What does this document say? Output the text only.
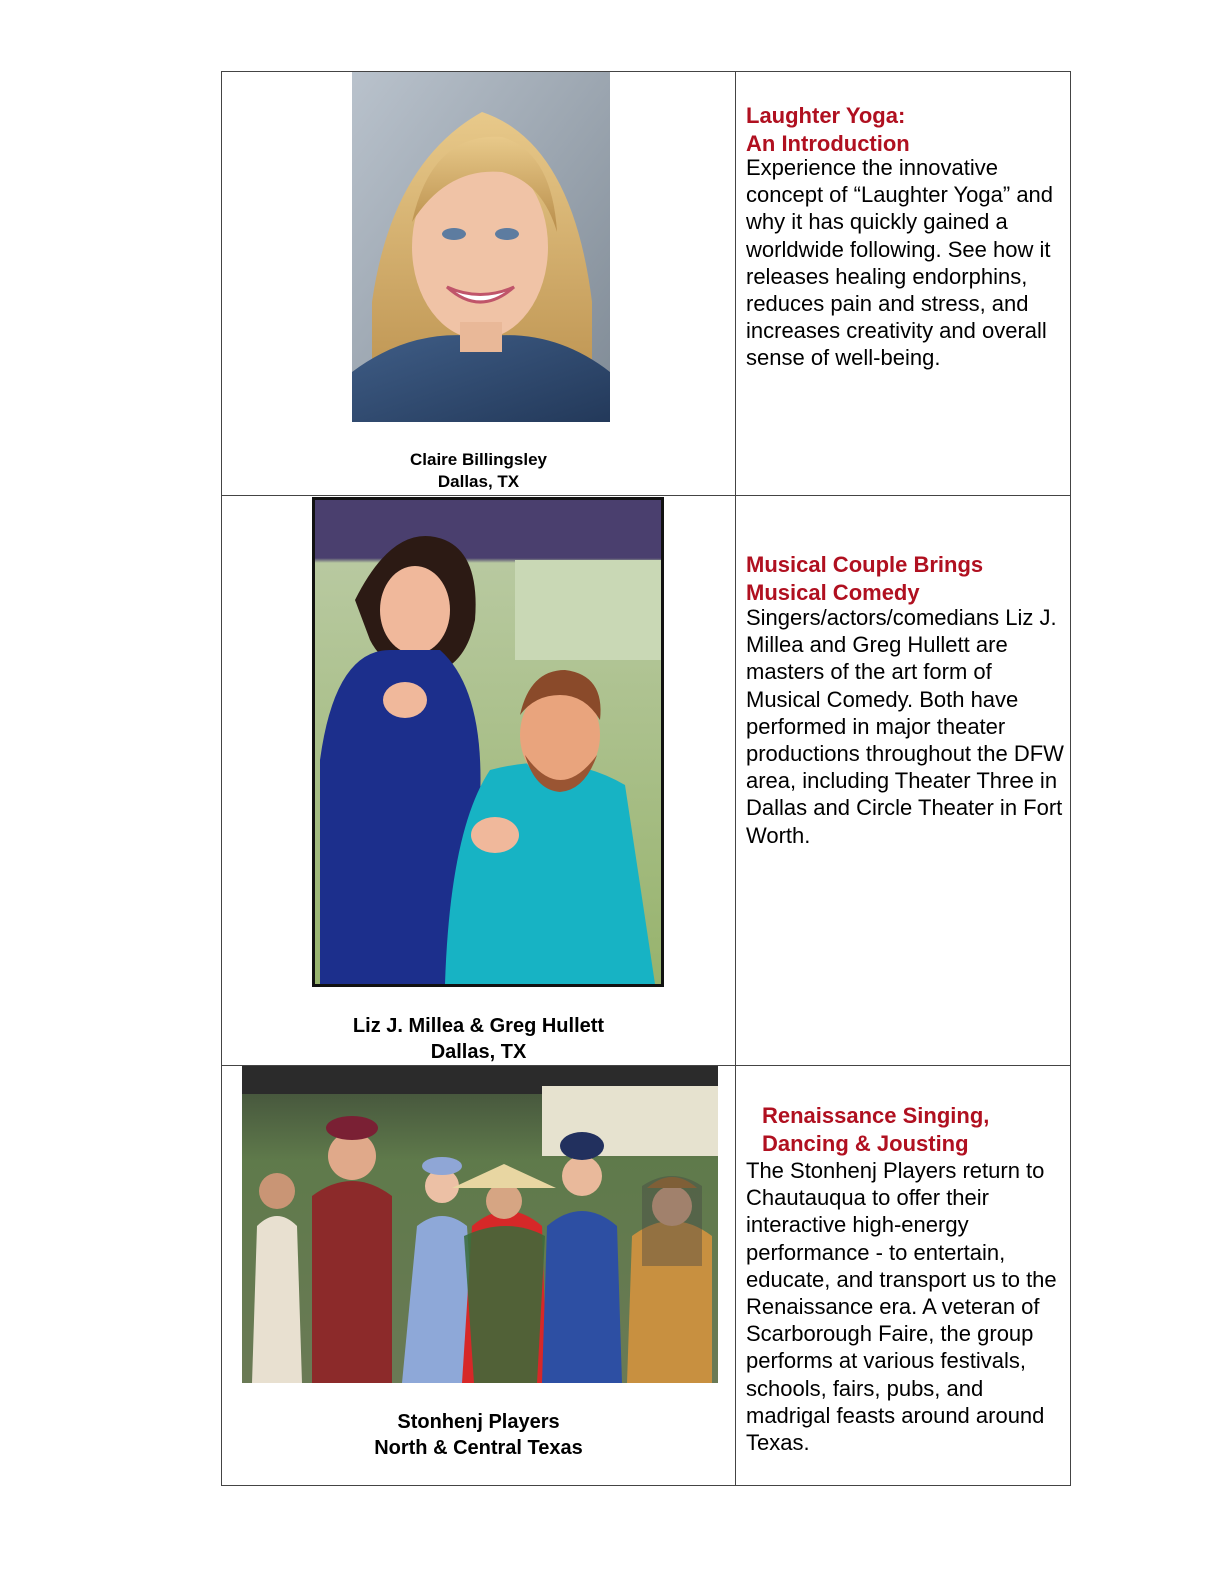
Claire Billingsley
Dallas, TX
Laughter Yoga:
An Introduction
Experience the innovative concept of “Laughter Yoga” and why it has quickly gained a worldwide following. See how it releases healing endorphins, reduces pain and stress, and increases creativity and overall sense of well-being.
Liz J. Millea & Greg Hullett
Dallas, TX
Musical Couple Brings
Musical Comedy
Singers/actors/comedians Liz J. Millea and Greg Hullett are masters of the art form of Musical Comedy. Both have performed in major theater productions throughout the DFW area, including Theater Three in Dallas and Circle Theater in Fort Worth.
Stonhenj Players
North & Central Texas
Renaissance Singing,
Dancing & Jousting
The Stonhenj Players return to Chautauqua to offer their interactive high-energy performance - to entertain, educate, and transport us to the Renaissance era. A veteran of Scarborough Faire, the group performs at various festivals, schools, fairs, pubs, and madrigal feasts around around Texas.
